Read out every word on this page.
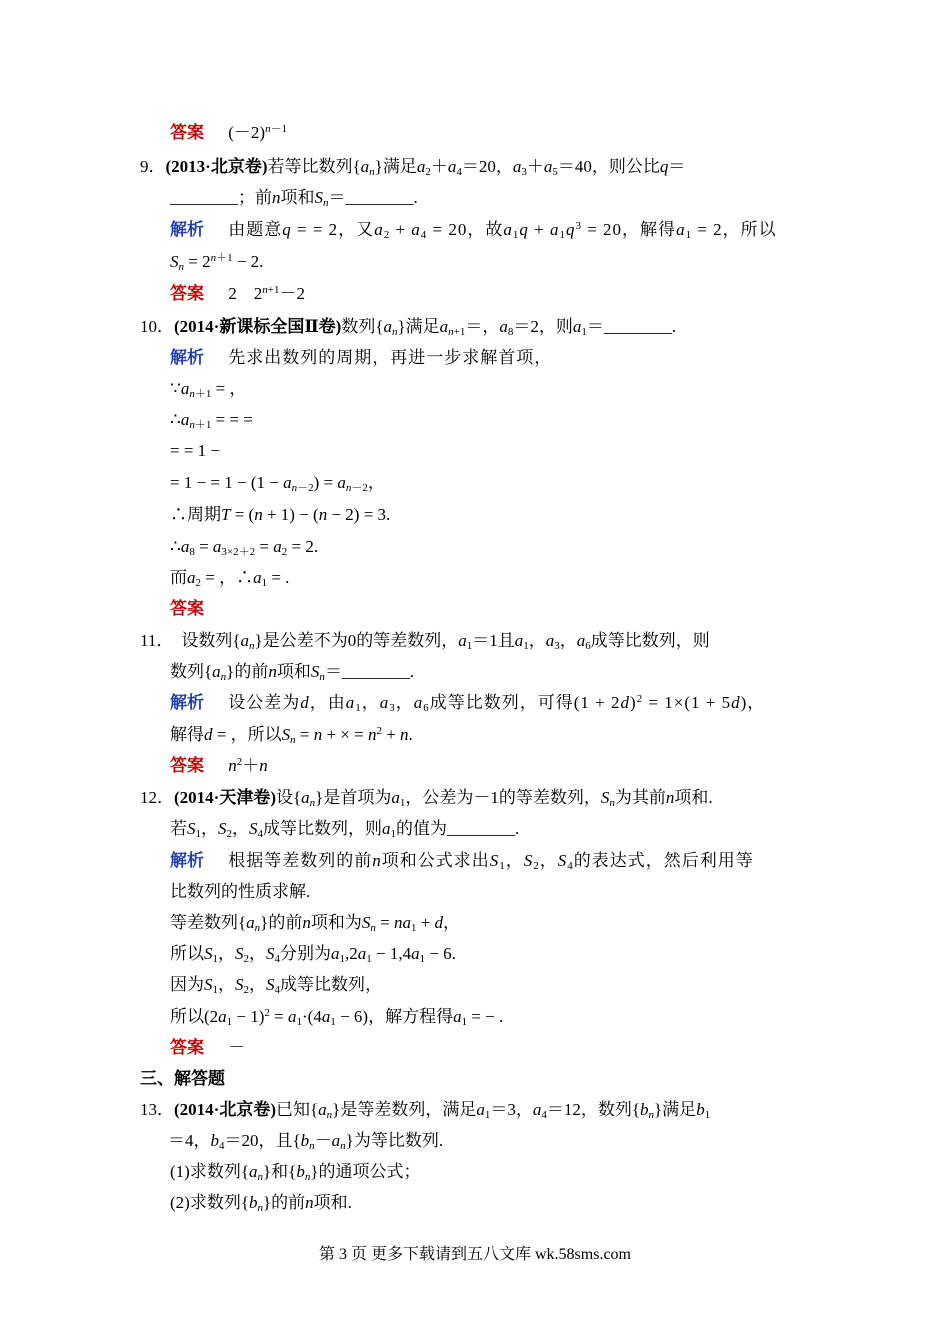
答案 $(-2)^{n-1}$
9．(2013·北京卷)若等比数列$\{a_n\}$满足$a_2+a_4=20$，$a_3+a_5=40$，则公比q＝
________；前n项和$S_n=\_\_\_\_\_\_\_\_$.
解析 由题意q = = 2，又$a_2 + a_4 = 20$，故$a_1q + a_1q^3 = 20$，解得$a_1 = 2$，所以
$S_n = 2^{n+1} - 2$.
答案 2　$2^{n+1}-2$
10．(2014·新课标全国Ⅱ卷)数列$\{a_n\}$满足$a_{n+1}=$，$a_8=2$，则$a_1=\_\_\_\_\_\_\_\_$.
解析 先求出数列的周期，再进一步求解首项，
$\because a_{n+1}$ = ，
$\therefore a_{n+1}$ = = =
= = 1 −
= 1 − = $1 - (1 - a_{n-2}) = a_{n-2}$，
∴周期T = (n + 1) − (n − 2) = 3.
$\therefore a_8 = a_{3\times 2+2} = a_2 = 2$.
而$a_2$ = ，$\therefore a_1$ = .
答案
11． 设数列$\{a_n\}$是公差不为0的等差数列，$a_1=1$且$a_1$，$a_3$，$a_6$成等比数列，则
数列$\{a_n\}$的前n项和$S_n=\_\_\_\_\_\_\_\_$.
解析 设公差为d，由$a_1$，$a_3$，$a_6$成等比数列，可得$(1 + 2d)^2 = 1\times(1 + 5d)$，
解得d = ，所以$S_n = n$ + × = $n^2 + n$.
答案 $n^2+n$
12．(2014·天津卷)设$\{a_n\}$是首项为$a_1$，公差为－1的等差数列，$S_n$为其前n项和.
若$S_1$，$S_2$，$S_4$成等比数列，则$a_1$的值为________.
解析 根据等差数列的前n项和公式求出$S_1$，$S_2$，$S_4$的表达式，然后利用等
比数列的性质求解.
等差数列$\{a_n\}$的前n项和为$S_n = na_1 + d$，
所以$S_1$，$S_2$，$S_4$分别为$a_1,2a_1 - 1,4a_1 - 6$.
因为$S_1$，$S_2$，$S_4$成等比数列，
所以$(2a_1 - 1)^2 = a_1\cdot(4a_1 - 6)$，解方程得$a_1$ = − .
答案 －
三、解答题
13．(2014·北京卷)已知$\{a_n\}$是等差数列，满足$a_1=3$，$a_4=12$，数列$\{b_n\}$满足$b_1$
＝4，$b_4=20$，且$\{b_n-a_n\}$为等比数列.
(1)求数列$\{a_n\}$和$\{b_n\}$的通项公式；
(2)求数列$\{b_n\}$的前n项和.
第 3 页 更多下载请到五八文库 wk.58sms.com
